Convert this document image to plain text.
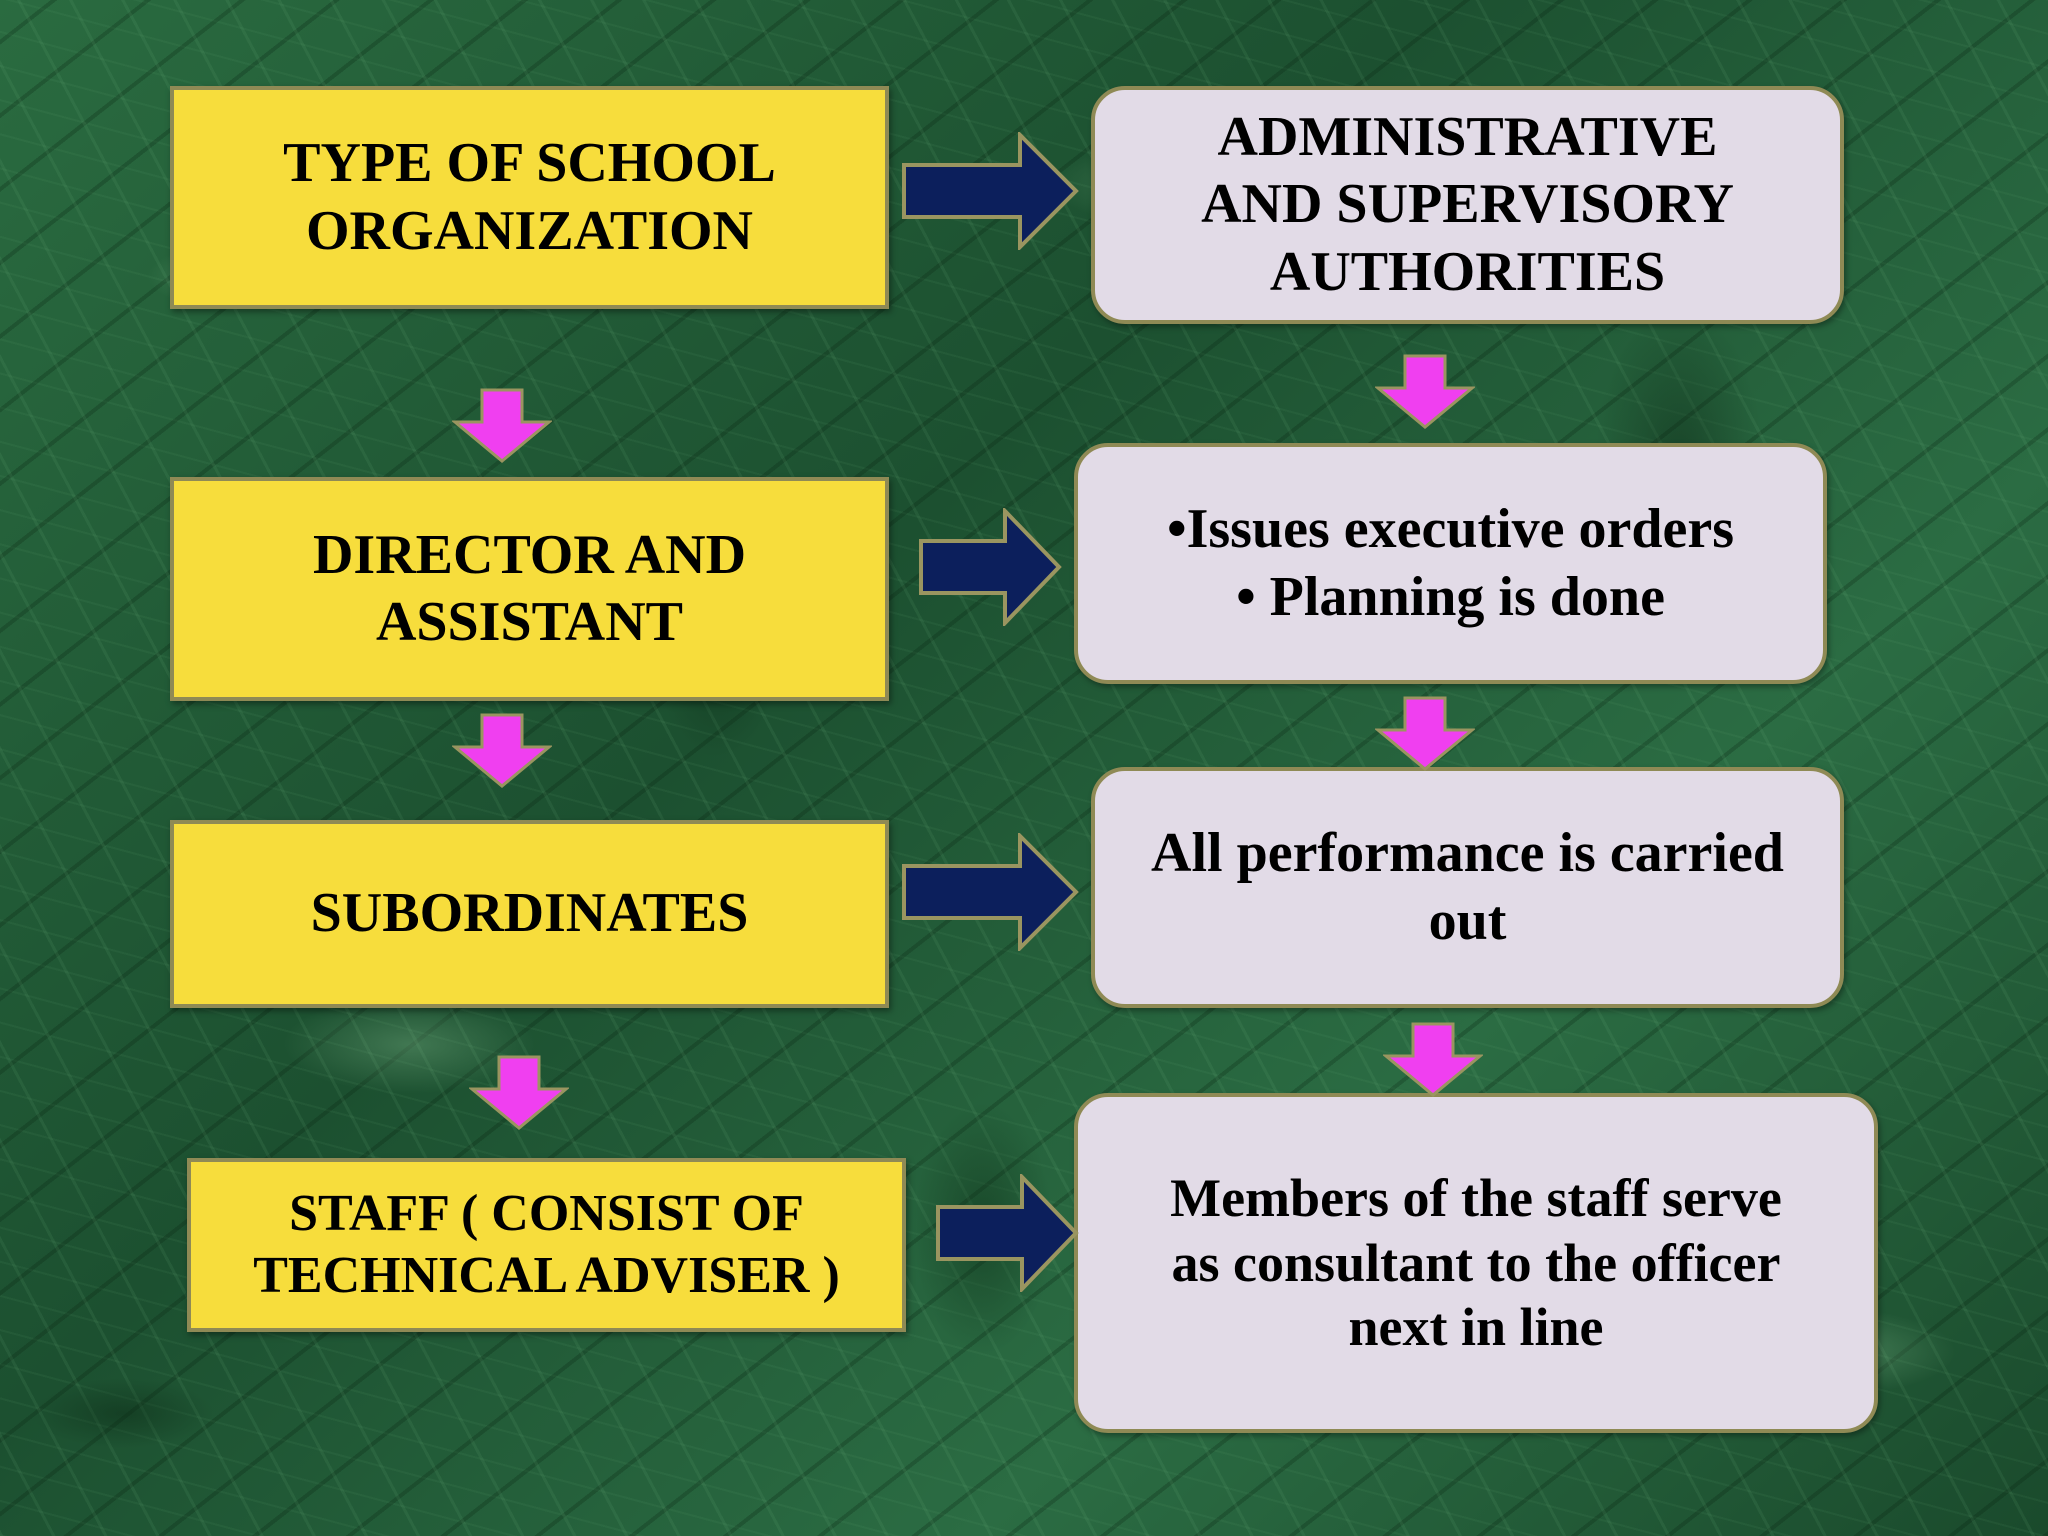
TYPE OF SCHOOL
ORGANIZATION
DIRECTOR AND
ASSISTANT
SUBORDINATES
STAFF ( CONSIST OF
TECHNICAL ADVISER )
ADMINISTRATIVE
AND SUPERVISORY
AUTHORITIES
•Issues executive orders
• Planning is done
All performance is carried
out
Members of the staff serve
as consultant to the officer
next in line
